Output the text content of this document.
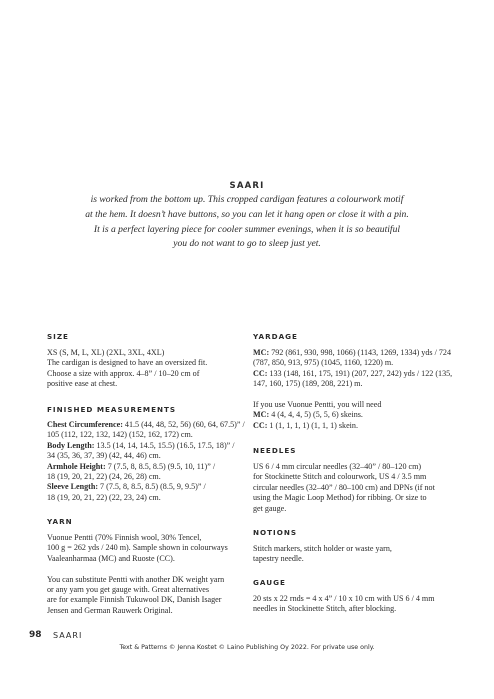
SAARI
is worked from the bottom up. This cropped cardigan features a colourwork motif
at the hem. It doesn’t have buttons, so you can let it hang open or close it with a pin.
It is a perfect layering piece for cooler summer evenings, when it is so beautiful
you do not want to go to sleep just yet.
SIZE
XS (S, M, L, XL) (2XL, 3XL, 4XL)
The cardigan is designed to have an oversized fit.
Choose a size with approx. 4–8” / 10–20 cm of
positive ease at chest.
FINISHED MEASUREMENTS
Chest Circumference: 41.5 (44, 48, 52, 56) (60, 64, 67.5)” /
105 (112, 122, 132, 142) (152, 162, 172) cm.
Body Length: 13.5 (14, 14, 14.5, 15.5) (16.5, 17.5, 18)” /
34 (35, 36, 37, 39) (42, 44, 46) cm.
Armhole Height: 7 (7.5, 8, 8.5, 8.5) (9.5, 10, 11)” /
18 (19, 20, 21, 22) (24, 26, 28) cm.
Sleeve Length: 7 (7.5, 8, 8.5, 8.5) (8.5, 9, 9.5)” /
18 (19, 20, 21, 22) (22, 23, 24) cm.
YARN
Vuonue Pentti (70% Finnish wool, 30% Tencel,
100 g = 262 yds / 240 m). Sample shown in colourways
Vaaleanharmaa (MC) and Ruoste (CC).
You can substitute Pentti with another DK weight yarn
or any yarn you get gauge with. Great alternatives
are for example Finnish Tukuwool DK, Danish Isager
Jensen and German Rauwerk Original.
YARDAGE
MC: 792 (861, 930, 998, 1066) (1143, 1269, 1334) yds / 724
(787, 850, 913, 975) (1045, 1160, 1220) m.
CC: 133 (148, 161, 175, 191) (207, 227, 242) yds / 122 (135,
147, 160, 175) (189, 208, 221) m.
If you use Vuonue Pentti, you will need
MC: 4 (4, 4, 4, 5) (5, 5, 6) skeins.
CC: 1 (1, 1, 1, 1) (1, 1, 1) skein.
NEEDLES
US 6 / 4 mm circular needles (32–40” / 80–120 cm)
for Stockinette Stitch and colourwork, US 4 / 3.5 mm
circular needles (32–40” / 80–100 cm) and DPNs (if not
using the Magic Loop Method) for ribbing. Or size to
get gauge.
NOTIONS
Stitch markers, stitch holder or waste yarn,
tapestry needle.
GAUGE
20 sts x 22 rnds = 4 x 4” / 10 x 10 cm with US 6 / 4 mm
needles in Stockinette Stitch, after blocking.
98 SAARI
Text & Patterns © Jenna Kostet © Laino Publishing Oy 2022. For private use only.
